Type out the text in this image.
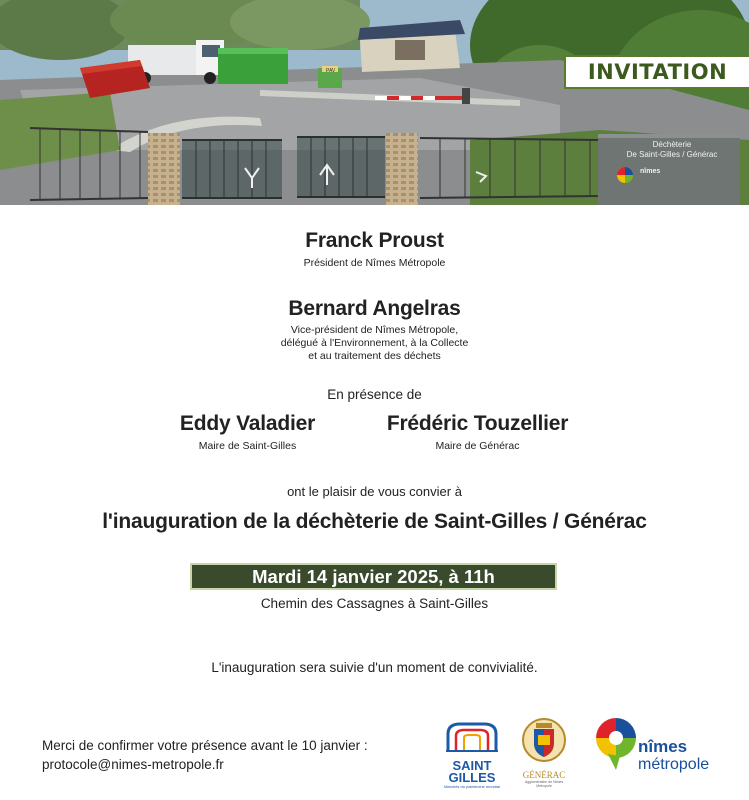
PAV
Déchèterie
De Saint-Gilles / Générac
nîmes
INVITATION
Franck Proust
Président de Nîmes Métropole
Bernard Angelras
Vice-président de Nîmes Métropole,
délégué à l'Environnement, à la Collecte
et au traitement des déchets
En présence de
Eddy Valadier
Maire de Saint-Gilles
Frédéric Touzellier
Maire de Générac
ont le plaisir de vous convier à
l'inauguration de la déchèterie de Saint-Gilles / Générac
Mardi 14 janvier 2025, à 11h
Chemin des Cassagnes à Saint-Gilles
L'inauguration sera suivie d'un moment de convivialité.
Merci de confirmer votre présence avant le 10 janvier :
protocole@nimes-metropole.fr	SAINT
GILLES
Marchés du patrimoine mondial
GÉNÉRAC
Agglomération de Nîmes Métropole
nîmes
métropole
